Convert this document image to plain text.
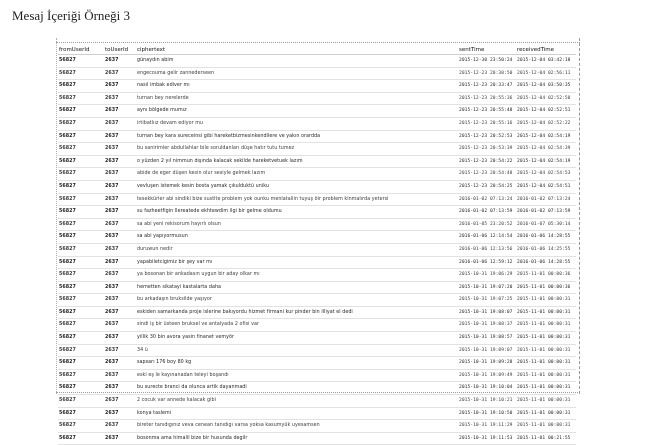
Mesaj İçeriği Örneği 3
fromUserId	toUserId	ciphertext	sentTime	receivedTime
56827	2637	günaydın abim	2015-12-30 23:50:24	2015-12-04 03:42:18
56827	2637	engecouma gelir zannederseen	2015-12-23 20:30:50	2015-12-04 02:56:11
56827	2637	nasıl imbak ediver mı	2015-12-23 20:33:47	2015-12-04 03:50:35
56827	2637	turnan bey nerelerde	2015-12-23 20:55:36	2015-12-04 02:52:50
56827	2637	aynı bölgede mumız	2015-12-23 20:55:48	2015-12-04 02:52:51
56827	2637	irtibatlıız devam ediyor mu	2015-12-23 20:55:16	2015-12-04 02:52:22
56827	2637	turnan bey kara sureceinsi gibi hareketbizmesinkendilere ve yakın orardda	2015-12-23 20:52:53	2015-12-04 02:54:19
56827	2637	bu sanirimler abdullahlar bile soruldanları düşe hatır tutu tumez	2015-12-23 20:53:39	2015-12-04 02:54:39
56827	2637	o yüzden 2 yıl nimmun dışında kalacak sekilde hareketvetuek lazım	2015-12-23 20:54:22	2015-12-04 02:54:19
56827	2637	abide de eger düşen kesin olur sesiyle gelmek lazım	2015-12-23 20:54:48	2015-12-04 02:54:53
56827	2637	vevluşen istemek kesin bosta yamak çıkulduktü uniku	2015-12-23 20:54:25	2015-12-04 02:54:51
56827	2637	tesekkürler abi sindiki bize sustlte problem yok ounku menlataliin tuyuş öir problem kinmalırda yetersi	2016-01-02 07:13:24	2016-01-02 07:13:24
56827	2637	su fazheetfigin llereatede ekhtewdim ilgi bir gelme oldumu	2016-01-02 07:13:59	2016-01-02 07:13:59
56827	2637	sa abi yeni rekisorum hayırlı olsun	2016-01-05 23:20:52	2016-01-07 05:30:14
56827	2637	sa abi yapıyormusun	2016-01-06 12:14:54	2016-01-06 14:28:55
56827	2637	duruwun nedir	2016-01-06 12:13:56	2016-01-06 14:25:55
56827	2637	yapabiletcigimiz bir şey var mı	2016-01-06 12:59:12	2016-01-06 14:28:55
56827	2637	ya bosonan bir ankadasın uygun bir aday olkar mı	2015-10-31 19:06:29	2015-11-01 00:00:36
56827	2637	hemetten sikatayi kastalarta daha	2015-10-31 19:07:20	2015-11-01 00:00:36
56827	2637	bu arkadaşın bruksilde yaşıyor	2015-10-31 19:07:25	2015-11-01 00:00:31
56827	2637	eskiden samarkanda proje islerine bakıyordu hizmet firmani kur pinder bin illiyat el dedi	2015-10-31 19:08:07	2015-11-01 00:00:31
56827	2637	sindi iş bir üsteen bruksel ve antalyada 2 ofisi var	2015-10-31 19:08:37	2015-11-01 00:00:31
56827	2637	yillik 30 bin avora yasin finanet vemyör	2015-10-31 19:08:57	2015-11-01 00:00:31
56827	2637	34 ü	2015-10-31 19:09:07	2015-11-01 00:00:31
56827	2637	sapsarı 176 boy 80 kg	2015-10-31 19:09:28	2015-11-01 00:00:31
56827	2637	eski eş le kayınanadan teleyi boşandı	2015-10-31 19:09:49	2015-11-01 00:00:31
56827	2637	bu surecte branci da olunca artik dayanmadi	2015-10-31 19:10:04	2015-11-01 00:00:31
56827	2637	2 cocuk var annede kalacak gibi	2015-10-31 19:10:21	2015-11-01 00:00:31
56827	2637	konya taslemi	2015-10-31 19:10:50	2015-11-01 00:00:31
56827	2637	bireter tanıdıgınız veva cenean tanıdıgı varsa yoksa kasumyük uyesamsen	2015-10-31 19:11:29	2015-11-01 00:00:31
56827	2637	bosonma ama himalil bize bir husunda degilr	2015-10-31 19:11:53	2015-11-01 00:21:55
